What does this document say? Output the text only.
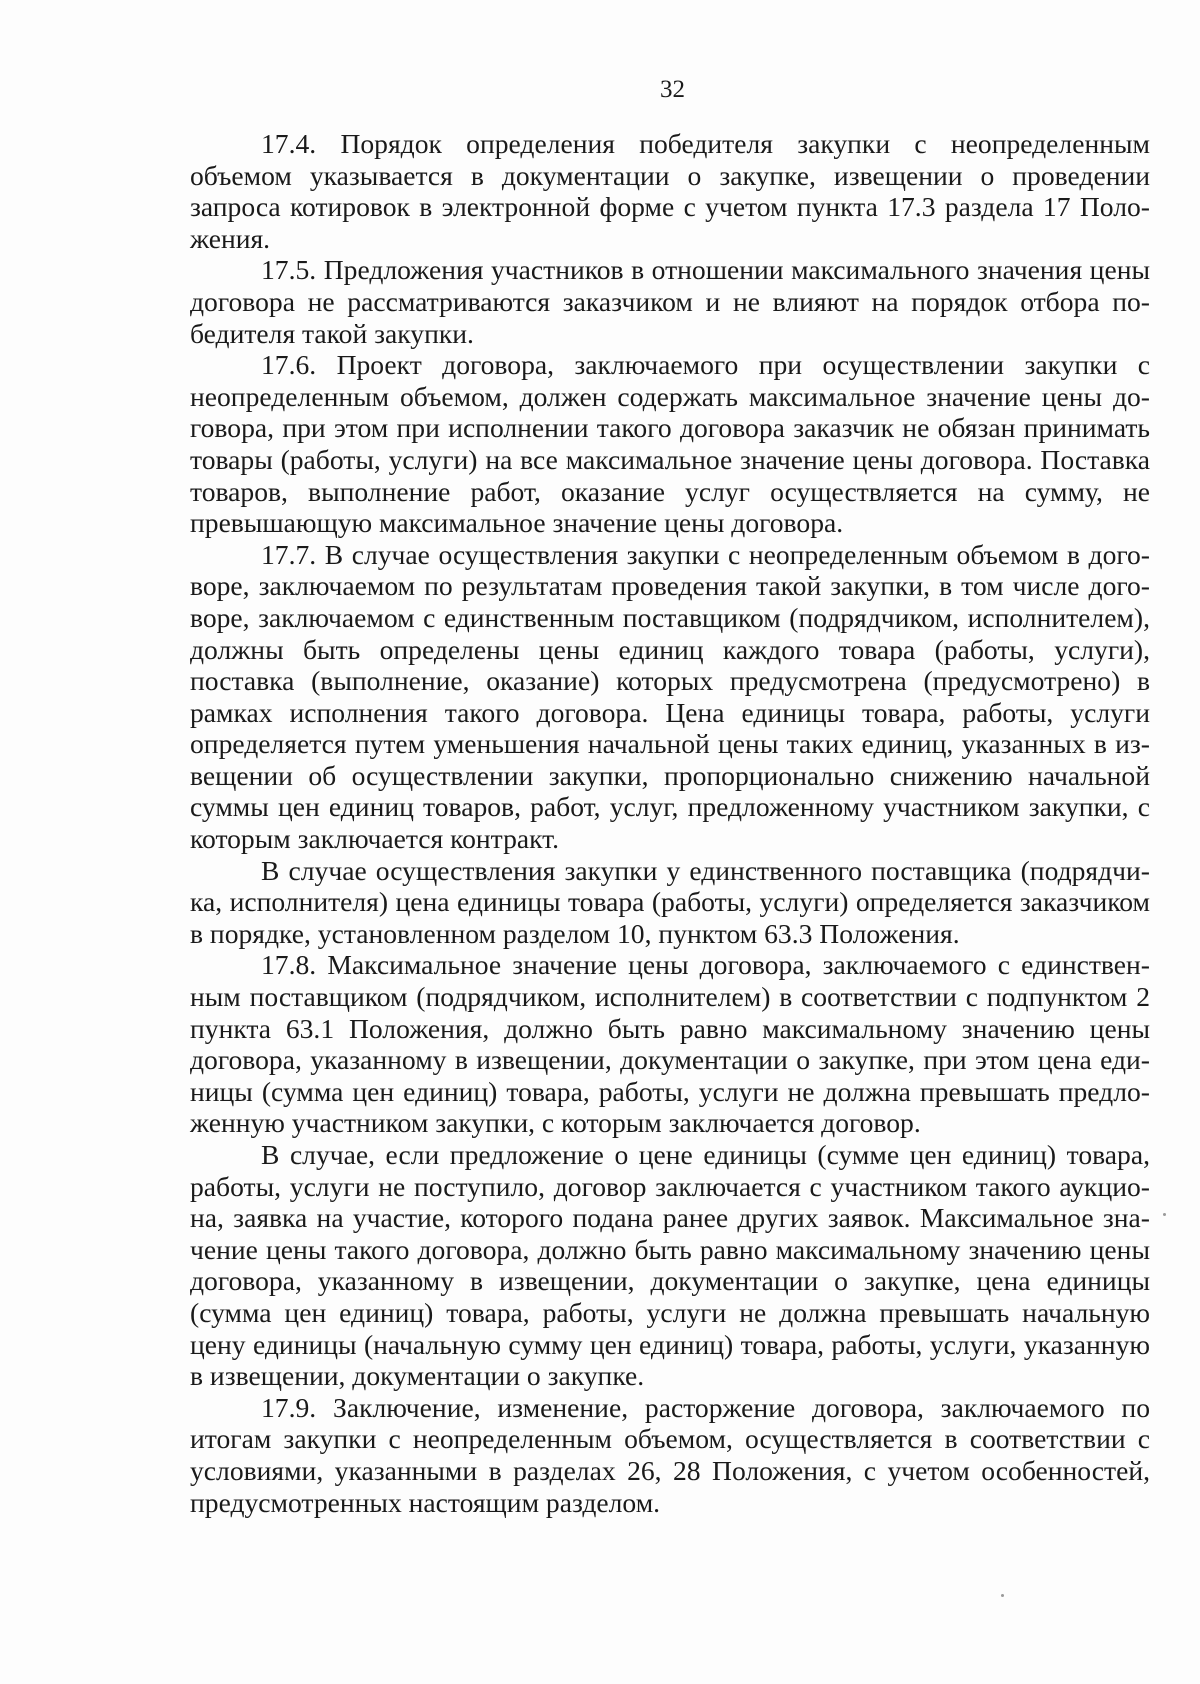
32

17.4. Порядок определения победителя закупки с неопределенным объемом указывается в документации о закупке, извещении о проведении запроса котировок в электронной форме с учетом пункта 17.3 раздела 17 Положения.

17.5. Предложения участников в отношении максимального значения цены договора не рассматриваются заказчиком и не влияют на порядок отбора победителя такой закупки.

17.6. Проект договора, заключаемого при осуществлении закупки с неопределенным объемом, должен содержать максимальное значение цены договора, при этом при исполнении такого договора заказчик не обязан принимать товары (работы, услуги) на все максимальное значение цены договора. Поставка товаров, выполнение работ, оказание услуг осуществляется на сумму, не превышающую максимальное значение цены договора.

17.7. В случае осуществления закупки с неопределенным объемом в договоре, заключаемом по результатам проведения такой закупки, в том числе договоре, заключаемом с единственным поставщиком (подрядчиком, исполнителем), должны быть определены цены единиц каждого товара (работы, услуги), поставка (выполнение, оказание) которых предусмотрена (предусмотрено) в рамках исполнения такого договора. Цена единицы товара, работы, услуги определяется путем уменьшения начальной цены таких единиц, указанных в извещении об осуществлении закупки, пропорционально снижению начальной суммы цен единиц товаров, работ, услуг, предложенному участником закупки, с которым заключается контракт.

В случае осуществления закупки у единственного поставщика (подрядчика, исполнителя) цена единицы товара (работы, услуги) определяется заказчиком в порядке, установленном разделом 10, пунктом 63.3 Положения.

17.8. Максимальное значение цены договора, заключаемого с единственным поставщиком (подрядчиком, исполнителем) в соответствии с подпунктом 2 пункта 63.1 Положения, должно быть равно максимальному значению цены договора, указанному в извещении, документации о закупке, при этом цена единицы (сумма цен единиц) товара, работы, услуги не должна превышать предложенную участником закупки, с которым заключается договор.

В случае, если предложение о цене единицы (сумме цен единиц) товара, работы, услуги не поступило, договор заключается с участником такого аукциона, заявка на участие, которого подана ранее других заявок. Максимальное значение цены такого договора, должно быть равно максимальному значению цены договора, указанному в извещении, документации о закупке, цена единицы (сумма цен единиц) товара, работы, услуги не должна превышать начальную цену единицы (начальную сумму цен единиц) товара, работы, услуги, указанную в извещении, документации о закупке.

17.9. Заключение, изменение, расторжение договора, заключаемого по итогам закупки с неопределенным объемом, осуществляется в соответствии с условиями, указанными в разделах 26, 28 Положения, с учетом особенностей, предусмотренных настоящим разделом.
